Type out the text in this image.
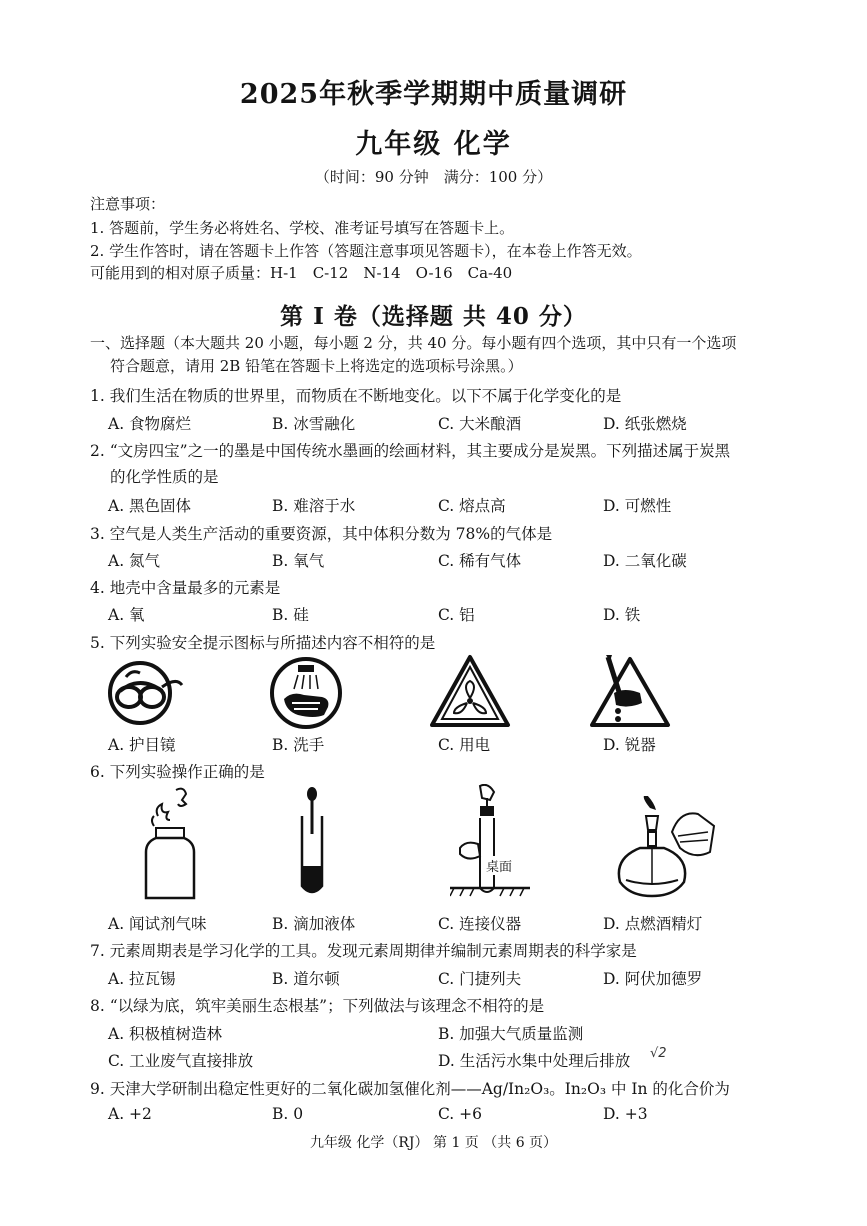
2025年秋季学期期中质量调研
九年级 化学
（时间：90 分钟　满分：100 分）
注意事项：
1. 答题前，学生务必将姓名、学校、准考证号填写在答题卡上。
2. 学生作答时，请在答题卡上作答（答题注意事项见答题卡），在本卷上作答无效。
可能用到的相对原子质量：H-1　C-12　N-14　O-16　Ca-40
第 I 卷（选择题 共 40 分）
一、选择题（本大题共 20 小题，每小题 2 分，共 40 分。每小题有四个选项，其中只有一个选项
符合题意，请用 2B 铅笔在答题卡上将选定的选项标号涂黑。）
1. 我们生活在物质的世界里，而物质在不断地变化。以下不属于化学变化的是
A. 食物腐烂	B. 冰雪融化	C. 大米酿酒	D. 纸张燃烧
2. “文房四宝”之一的墨是中国传统水墨画的绘画材料，其主要成分是炭黑。下列描述属于炭黑
的化学性质的是
A. 黑色固体	B. 难溶于水	C. 熔点高	D. 可燃性
3. 空气是人类生产活动的重要资源，其中体积分数为 78%的气体是
A. 氮气	B. 氧气	C. 稀有气体	D. 二氧化碳
4. 地壳中含量最多的元素是
A. 氧	B. 硅	C. 铝	D. 铁
5. 下列实验安全提示图标与所描述内容不相符的是
A. 护目镜	B. 洗手	C. 用电	D. 锐器
6. 下列实验操作正确的是
桌面
A. 闻试剂气味	B. 滴加液体	C. 连接仪器	D. 点燃酒精灯
7. 元素周期表是学习化学的工具。发现元素周期律并编制元素周期表的科学家是
A. 拉瓦锡	B. 道尔顿	C. 门捷列夫	D. 阿伏加德罗
8. “以绿为底，筑牢美丽生态根基”；下列做法与该理念不相符的是
A. 积极植树造林	B. 加强大气质量监测
C. 工业废气直接排放	D. 生活污水集中处理后排放 √2
9. 天津大学研制出稳定性更好的二氧化碳加氢催化剂——Ag/In₂O₃。In₂O₃ 中 In 的化合价为
A. +2	B. 0	C. +6	D. +3
九年级 化学（RJ） 第 1 页 （共 6 页）
